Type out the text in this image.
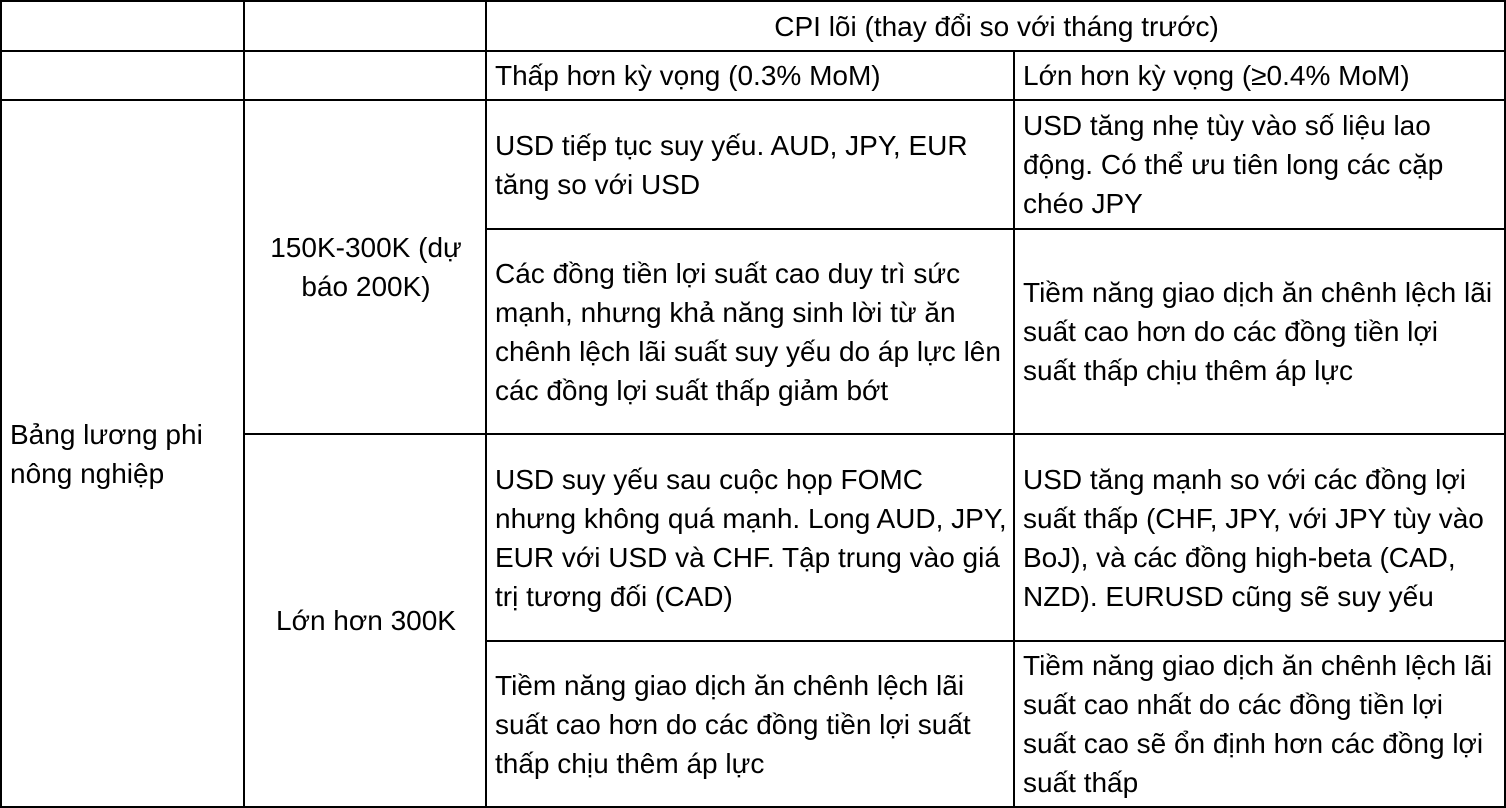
		CPI lõi (thay đổi so với tháng trước)	
		Thấp hơn kỳ vọng (0.3% MoM)	Lớn hơn kỳ vọng (≥0.4% MoM)
Bảng lương phi nông nghiệp	150K-300K (dự báo 200K)	USD tiếp tục suy yếu. AUD, JPY, EUR tăng so với USD	USD tăng nhẹ tùy vào số liệu lao động. Có thể ưu tiên long các cặp chéo JPY
		Các đồng tiền lợi suất cao duy trì sức mạnh, nhưng khả năng sinh lời từ ăn chênh lệch lãi suất suy yếu do áp lực lên các đồng lợi suất thấp giảm bớt	Tiềm năng giao dịch ăn chênh lệch lãi suất cao hơn do các đồng tiền lợi suất thấp chịu thêm áp lực
	Lớn hơn 300K	USD suy yếu sau cuộc họp FOMC nhưng không quá mạnh. Long AUD, JPY, EUR với USD và CHF. Tập trung vào giá trị tương đối (CAD)	USD tăng mạnh so với các đồng lợi suất thấp (CHF, JPY, với JPY tùy vào BoJ), và các đồng high-beta (CAD, NZD). EURUSD cũng sẽ suy yếu
		Tiềm năng giao dịch ăn chênh lệch lãi suất cao hơn do các đồng tiền lợi suất thấp chịu thêm áp lực	Tiềm năng giao dịch ăn chênh lệch lãi suất cao nhất do các đồng tiền lợi suất cao sẽ ổn định hơn các đồng lợi suất thấp
